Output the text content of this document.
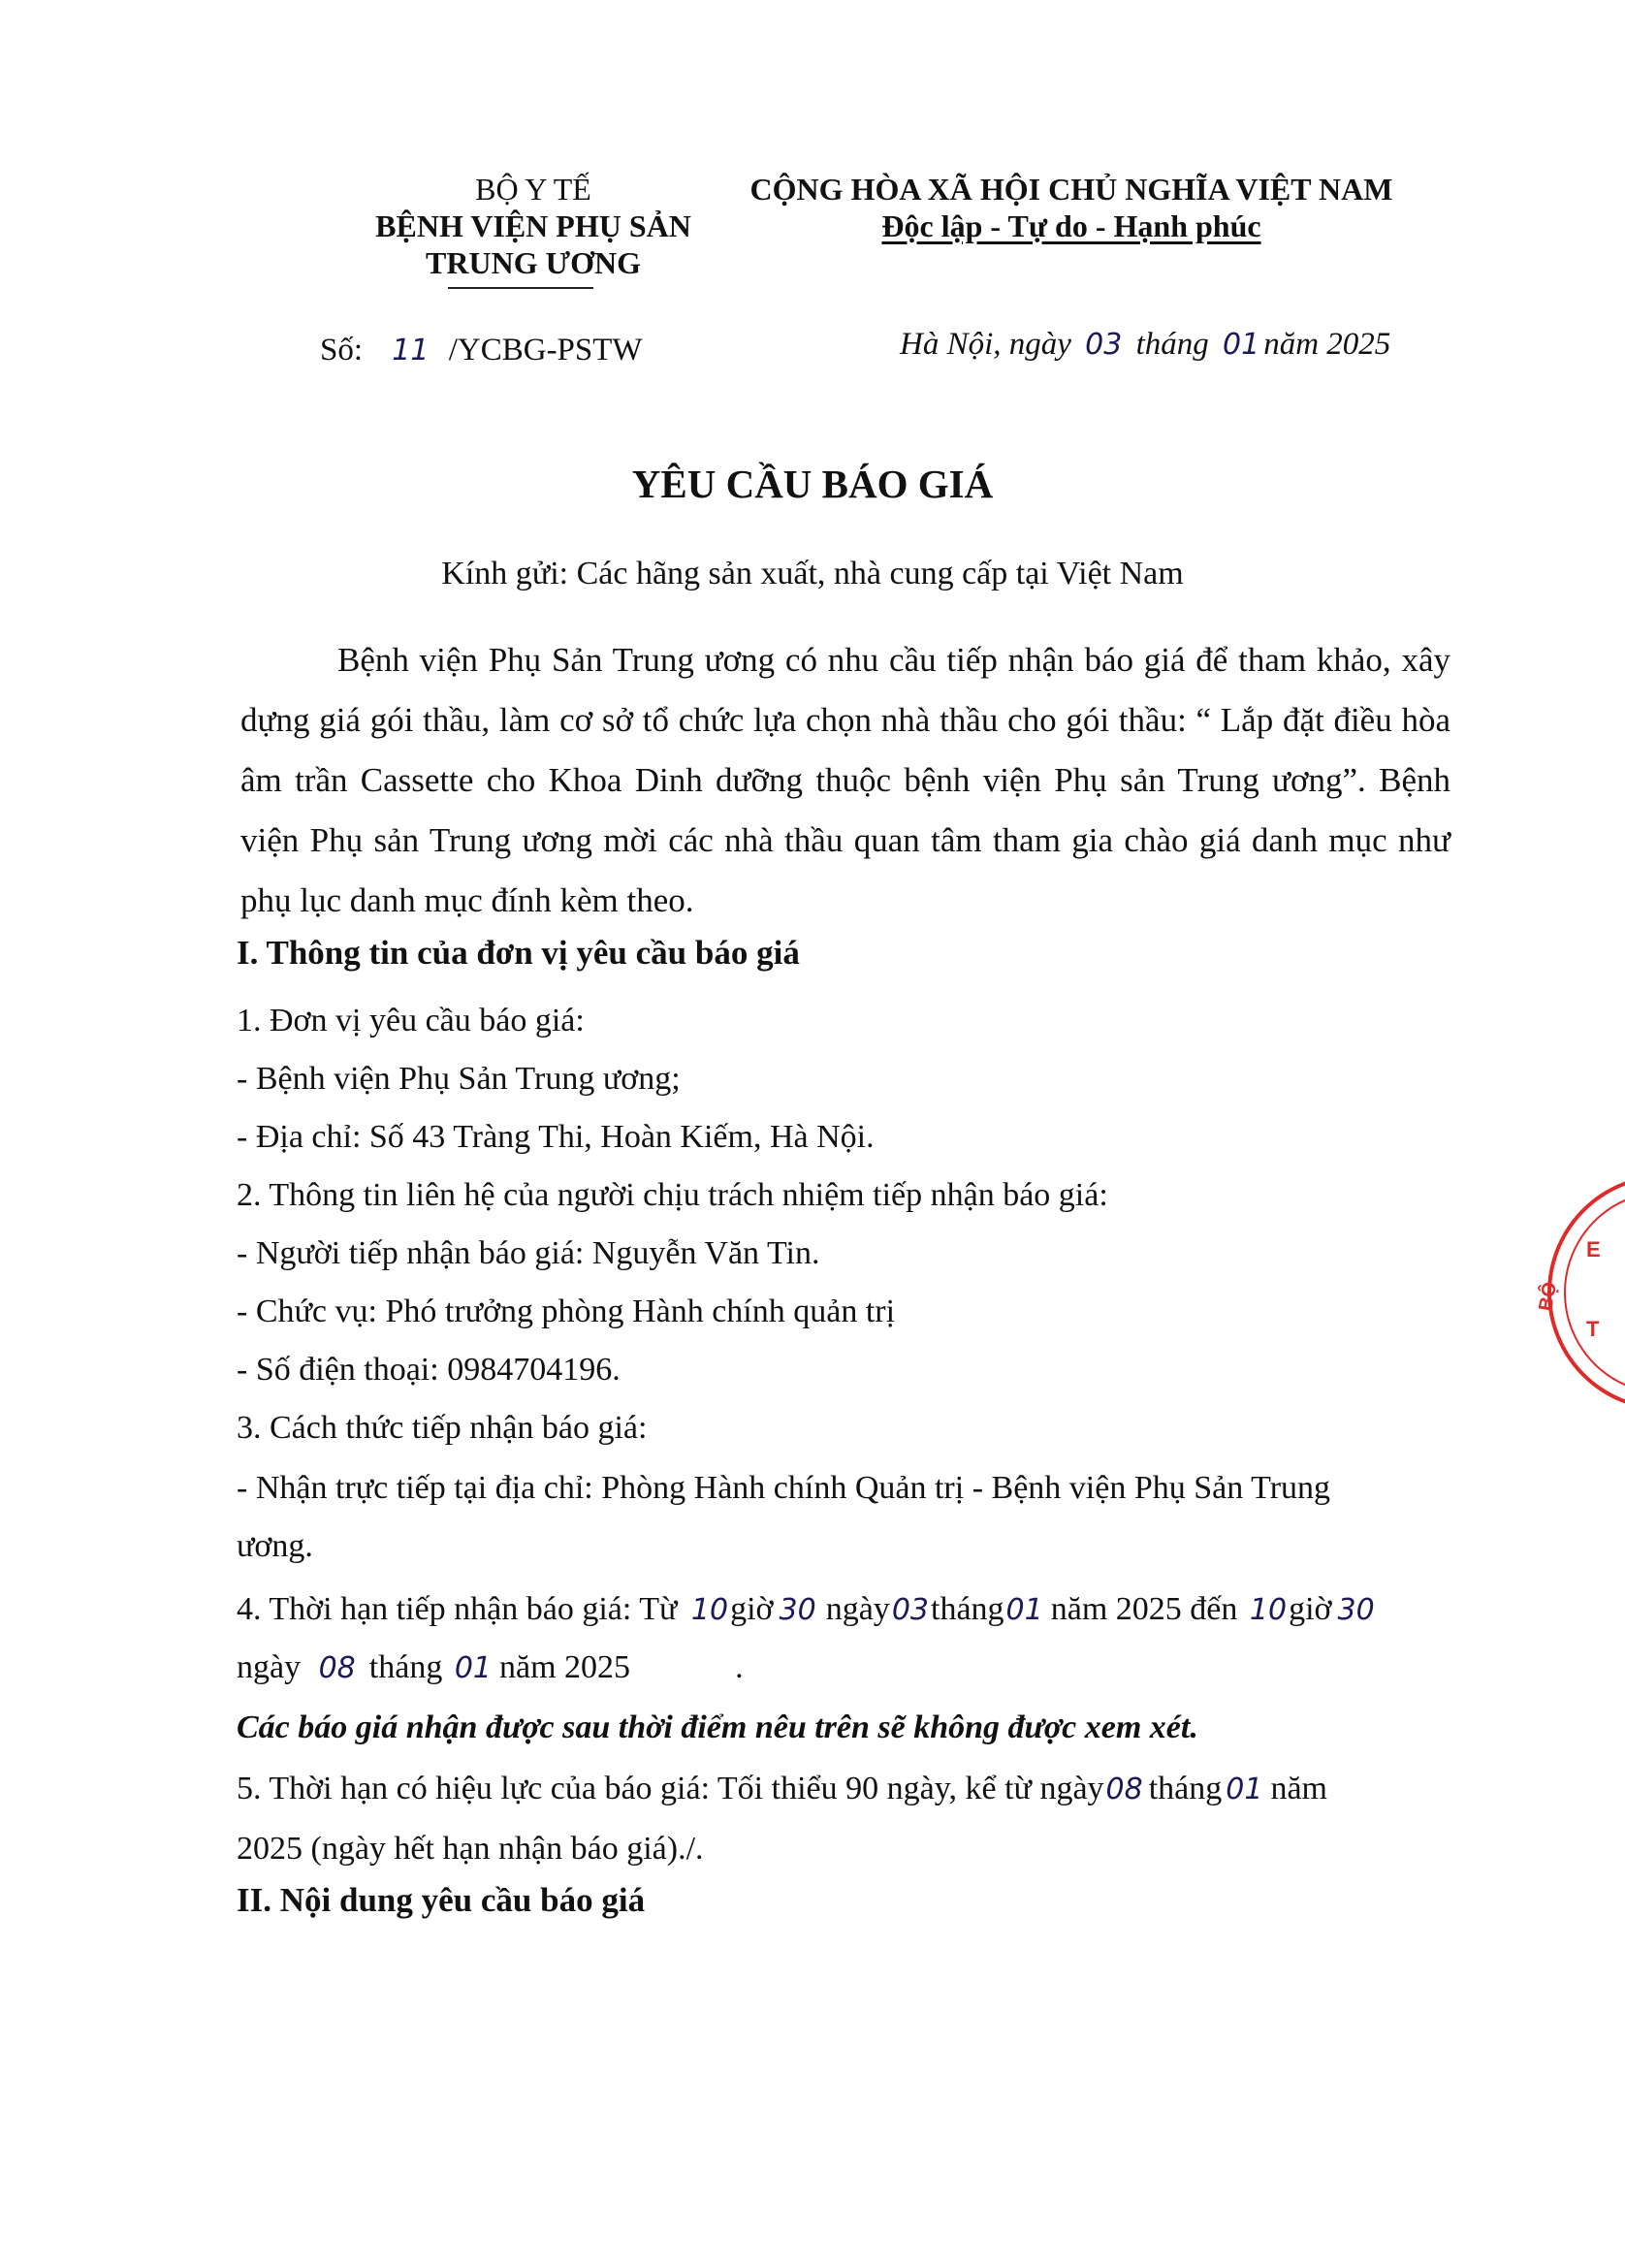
BỘ Y TẾ
BỆNH VIỆN PHỤ SẢN
TRUNG ƯƠNG
CỘNG HÒA XÃ HỘI CHỦ NGHĨA VIỆT NAM
Độc lập - Tự do - Hạnh phúc
Số: 11 /YCBG-PSTW	Hà Nội, ngày 03 tháng 01 năm 2025
YÊU CẦU BÁO GIÁ
Kính gửi: Các hãng sản xuất, nhà cung cấp tại Việt Nam

Bệnh viện Phụ Sản Trung ương có nhu cầu tiếp nhận báo giá để tham khảo, xây dựng giá gói thầu, làm cơ sở tổ chức lựa chọn nhà thầu cho gói thầu: “ Lắp đặt điều hòa âm trần Cassette cho Khoa Dinh dưỡng thuộc bệnh viện Phụ sản Trung ương”. Bệnh viện Phụ sản Trung ương mời các nhà thầu quan tâm tham gia chào giá danh mục như phụ lục danh mục đính kèm theo.

I. Thông tin của đơn vị yêu cầu báo giá
1. Đơn vị yêu cầu báo giá:
- Bệnh viện Phụ Sản Trung ương;
- Địa chỉ: Số 43 Tràng Thi, Hoàn Kiếm, Hà Nội.
2. Thông tin liên hệ của người chịu trách nhiệm tiếp nhận báo giá:
- Người tiếp nhận báo giá: Nguyễn Văn Tin.
- Chức vụ: Phó trưởng phòng Hành chính quản trị
- Số điện thoại: 0984704196.
3. Cách thức tiếp nhận báo giá:
- Nhận trực tiếp tại địa chỉ: Phòng Hành chính Quản trị - Bệnh viện Phụ Sản Trung
ương.
4. Thời hạn tiếp nhận báo giá: Từ 10giờ 30 ngày03tháng01 năm 2025 đến 10giờ 30
ngày 08 tháng 01 năm 2025	.
Các báo giá nhận được sau thời điểm nêu trên sẽ không được xem xét.
5. Thời hạn có hiệu lực của báo giá: Tối thiểu 90 ngày, kể từ ngày08 tháng 01 năm
2025 (ngày hết hạn nhận báo giá)./.
II. Nội dung yêu cầu báo giá
BỘ
E
T
